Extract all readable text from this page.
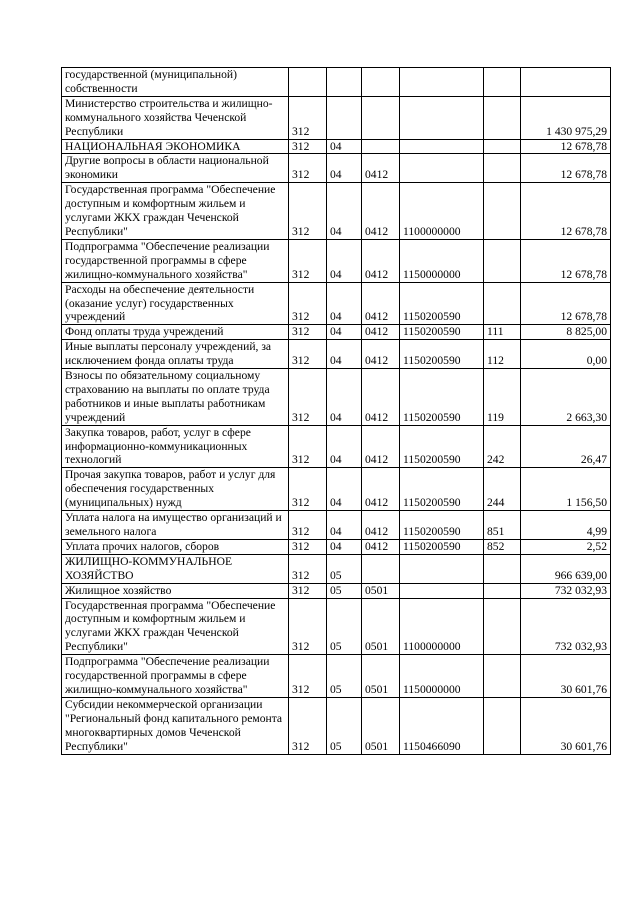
государственной (муниципальной) собственности						
Министерство строительства и жилищно-коммунального хозяйства Чеченской Республики	312					1 430 975,29
НАЦИОНАЛЬНАЯ ЭКОНОМИКА	312	04				12 678,78
Другие вопросы в области национальной экономики	312	04	0412			12 678,78
Государственная программа "Обеспечение доступным и комфортным жильем и услугами ЖКХ граждан Чеченской Республики"	312	04	0412	1100000000		12 678,78
Подпрограмма "Обеспечение реализации государственной программы в сфере жилищно-коммунального хозяйства"	312	04	0412	1150000000		12 678,78
Расходы на обеспечение деятельности (оказание услуг) государственных учреждений	312	04	0412	1150200590		12 678,78
Фонд оплаты труда учреждений	312	04	0412	1150200590	111	8 825,00
Иные выплаты персоналу учреждений, за исключением фонда оплаты труда	312	04	0412	1150200590	112	0,00
Взносы по обязательному социальному страхованию на выплаты по оплате труда работников и иные выплаты работникам учреждений	312	04	0412	1150200590	119	2 663,30
Закупка товаров, работ, услуг в сфере информационно-коммуникационных технологий	312	04	0412	1150200590	242	26,47
Прочая закупка товаров, работ и услуг для обеспечения государственных (муниципальных) нужд	312	04	0412	1150200590	244	1 156,50
Уплата налога на имущество организаций и земельного налога	312	04	0412	1150200590	851	4,99
Уплата прочих налогов, сборов	312	04	0412	1150200590	852	2,52
ЖИЛИЩНО-КОММУНАЛЬНОЕ ХОЗЯЙСТВО	312	05				966 639,00
Жилищное хозяйство	312	05	0501			732 032,93
Государственная программа "Обеспечение доступным и комфортным жильем и услугами ЖКХ граждан Чеченской Республики"	312	05	0501	1100000000		732 032,93
Подпрограмма "Обеспечение реализации государственной программы в сфере жилищно-коммунального хозяйства"	312	05	0501	1150000000		30 601,76
Субсидии некоммерческой организации "Региональный фонд капитального ремонта многоквартирных домов Чеченской Республики"	312	05	0501	1150466090		30 601,76
